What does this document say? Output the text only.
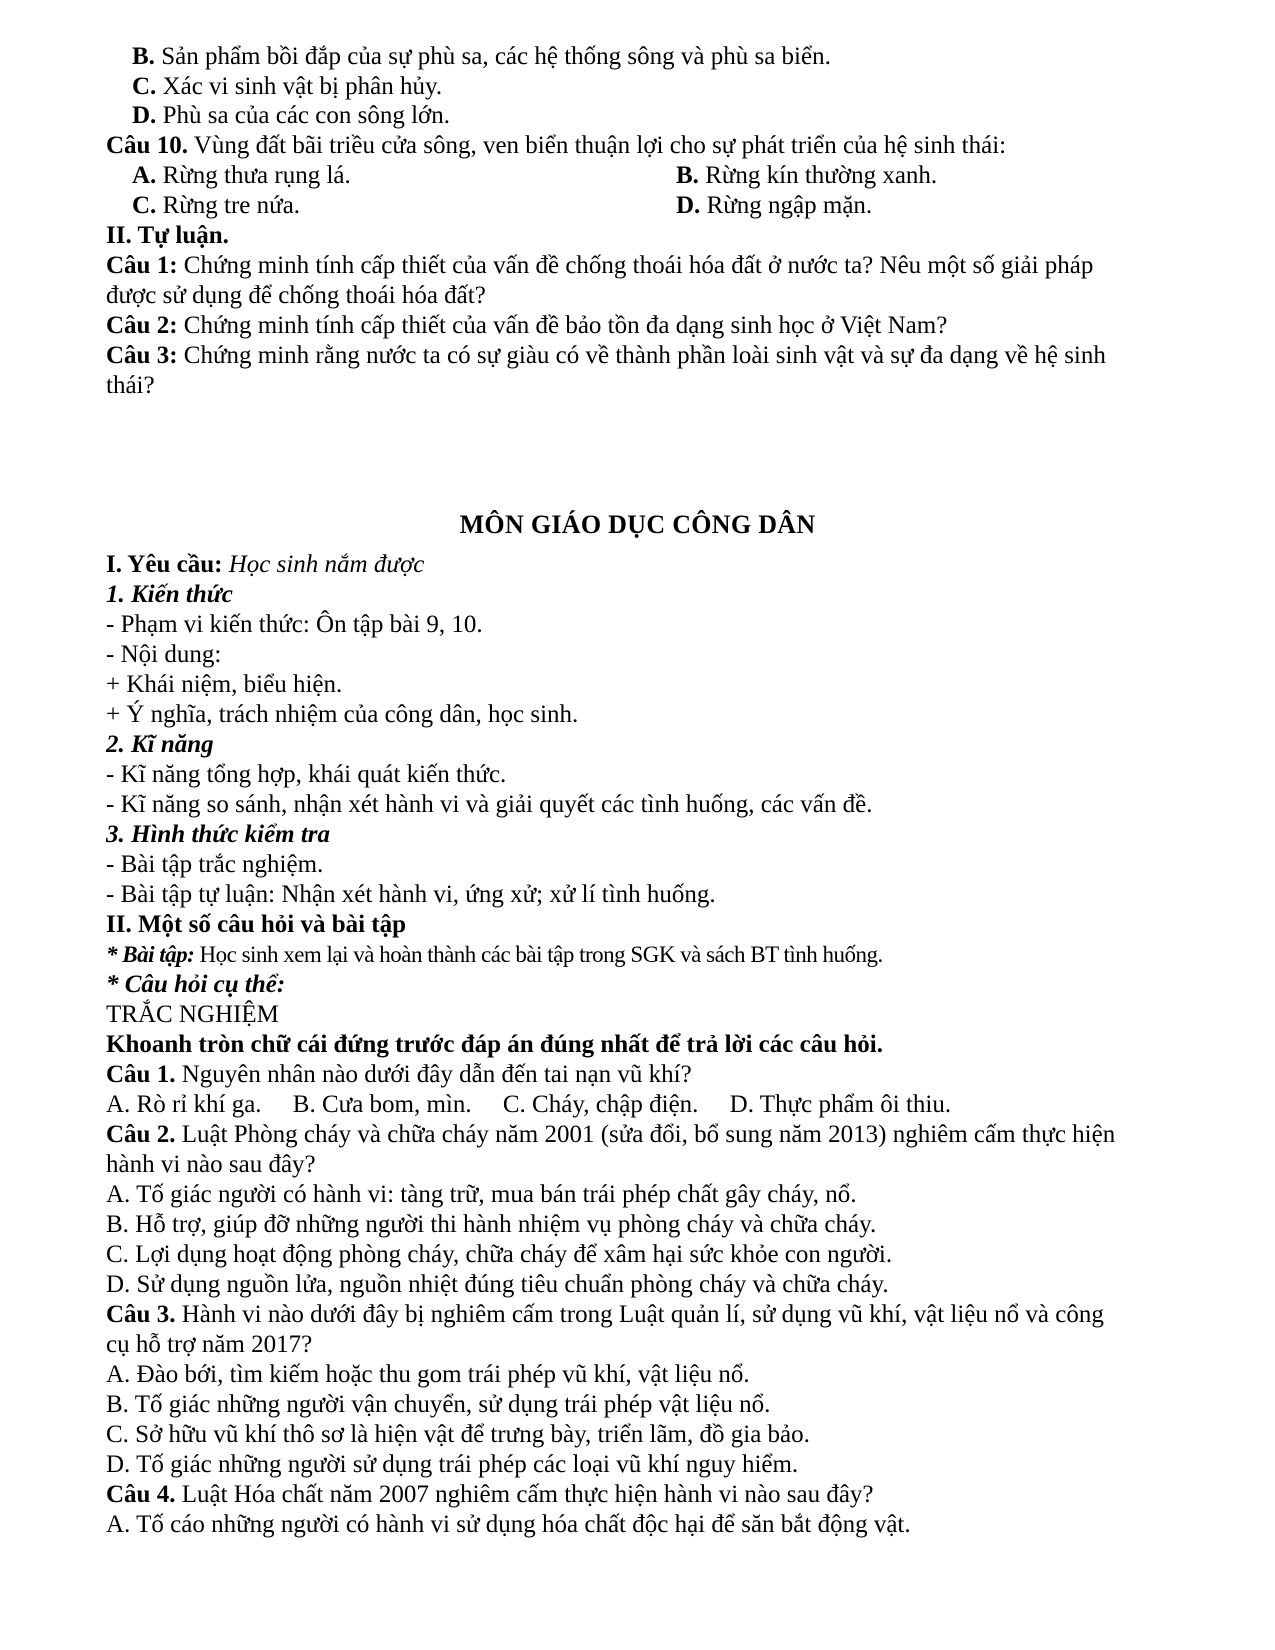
B. Sản phẩm bồi đắp của sự phù sa, các hệ thống sông và phù sa biển.
C. Xác vi sinh vật bị phân hủy.
D. Phù sa của các con sông lớn.
Câu 10. Vùng đất bãi triều cửa sông, ven biển thuận lợi cho sự phát triển của hệ sinh thái:
A. Rừng thưa rụng lá.	B. Rừng kín thường xanh.
C. Rừng tre nứa.	D. Rừng ngập mặn.
II. Tự luận.
Câu 1: Chứng minh tính cấp thiết của vấn đề chống thoái hóa đất ở nước ta? Nêu một số giải pháp
được sử dụng để chống thoái hóa đất?
Câu 2: Chứng minh tính cấp thiết của vấn đề bảo tồn đa dạng sinh học ở Việt Nam?
Câu 3: Chứng minh rằng nước ta có sự giàu có về thành phần loài sinh vật và sự đa dạng về hệ sinh
thái?
MÔN GIÁO DỤC CÔNG DÂN
I. Yêu cầu: Học sinh nắm được
1. Kiến thức
- Phạm vi kiến thức: Ôn tập bài 9, 10.
- Nội dung:
+ Khái niệm, biểu hiện.
+ Ý nghĩa, trách nhiệm của công dân, học sinh.
2. Kĩ năng
- Kĩ năng tổng hợp, khái quát kiến thức.
- Kĩ năng so sánh, nhận xét hành vi và giải quyết các tình huống, các vấn đề.
3. Hình thức kiểm tra
- Bài tập trắc nghiệm.
- Bài tập tự luận: Nhận xét hành vi, ứng xử; xử lí tình huống.
II. Một số câu hỏi và bài tập
* Bài tập: Học sinh xem lại và hoàn thành các bài tập trong SGK và sách BT tình huống.
* Câu hỏi cụ thể:
TRẮC NGHIỆM
Khoanh tròn chữ cái đứng trước đáp án đúng nhất để trả lời các câu hỏi.
Câu 1. Nguyên nhân nào dưới đây dẫn đến tai nạn vũ khí?
A. Rò rỉ khí ga.     B. Cưa bom, mìn.     C. Cháy, chập điện.     D. Thực phẩm ôi thiu.
Câu 2. Luật Phòng cháy và chữa cháy năm 2001 (sửa đổi, bổ sung năm 2013) nghiêm cấm thực hiện
hành vi nào sau đây?
A. Tố giác người có hành vi: tàng trữ, mua bán trái phép chất gây cháy, nổ.
B. Hỗ trợ, giúp đỡ những người thi hành nhiệm vụ phòng cháy và chữa cháy.
C. Lợi dụng hoạt động phòng cháy, chữa cháy để xâm hại sức khỏe con người.
D. Sử dụng nguồn lửa, nguồn nhiệt đúng tiêu chuẩn phòng cháy và chữa cháy.
Câu 3. Hành vi nào dưới đây bị nghiêm cấm trong Luật quản lí, sử dụng vũ khí, vật liệu nổ và công
cụ hỗ trợ năm 2017?
A. Đào bới, tìm kiếm hoặc thu gom trái phép vũ khí, vật liệu nổ.
B. Tố giác những người vận chuyển, sử dụng trái phép vật liệu nổ.
C. Sở hữu vũ khí thô sơ là hiện vật để trưng bày, triển lãm, đồ gia bảo.
D. Tố giác những người sử dụng trái phép các loại vũ khí nguy hiểm.
Câu 4. Luật Hóa chất năm 2007 nghiêm cấm thực hiện hành vi nào sau đây?
A. Tố cáo những người có hành vi sử dụng hóa chất độc hại để săn bắt động vật.
